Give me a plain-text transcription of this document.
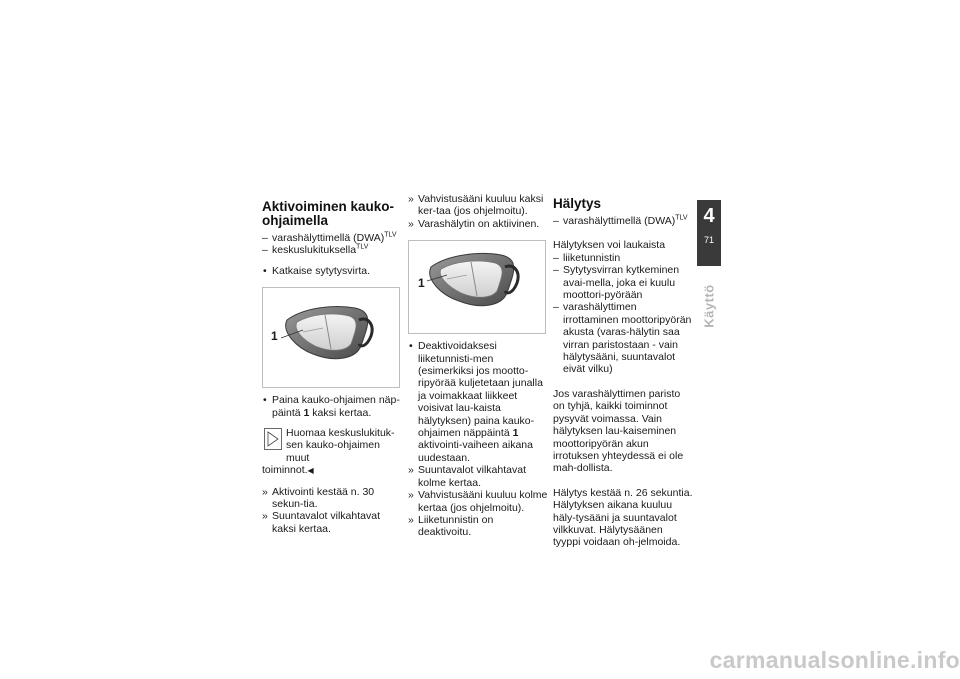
Aktivoiminen kauko-
ohjaimella
– varashälyttimellä (DWA)$^{TLV}$
– keskuslukituksella$^{TLV}$
• Katkaise sytytysvirta.
1
• Paina kauko-ohjaimen näp-päintä 1 kaksi kertaa.
Huomaa keskuslukituk-sen kauko-ohjaimen muut
toiminnot.◀
» Aktivointi kestää n. 30 sekun-tia.
» Suuntavalot vilkahtavat kaksi kertaa.
» Vahvistusääni kuuluu kaksi ker-taa (jos ohjelmoitu).
» Varashälytin on aktiivinen.
1
• Deaktivoidaksesi liiketunnisti-men (esimerkiksi jos mootto-ripyörää kuljetetaan junalla ja voimakkaat liikkeet voisivat lau-kaista hälytyksen) paina kauko-ohjaimen näppäintä 1 aktivointi-vaiheen aikana uudestaan.
» Suuntavalot vilkahtavat kolme kertaa.
» Vahvistusääni kuuluu kolme kertaa (jos ohjelmoitu).
» Liiketunnistin on deaktivoitu.
Hälytys
– varashälyttimellä (DWA)$^{TLV}$
Hälytyksen voi laukaista
– liiketunnistin
– Sytytysvirran kytkeminen avai-mella, joka ei kuulu moottori-pyörään
– varashälyttimen irrottaminen moottoripyörän akusta (varas-hälytin saa virran paristostaan - vain hälytysääni, suuntavalot eivät vilku)
Jos varashälyttimen paristo on tyhjä, kaikki toiminnot pysyvät voimassa. Vain hälytyksen lau-kaiseminen moottoripyörän akun irrotuksen yhteydessä ei ole mah-dollista.
Hälytys kestää n. 26 sekuntia. Hälytyksen aikana kuuluu häly-tysääni ja suuntavalot vilkkuvat. Hälytysäänen tyyppi voidaan oh-jelmoida.
4
71
Käyttö
carmanualsonline.info
